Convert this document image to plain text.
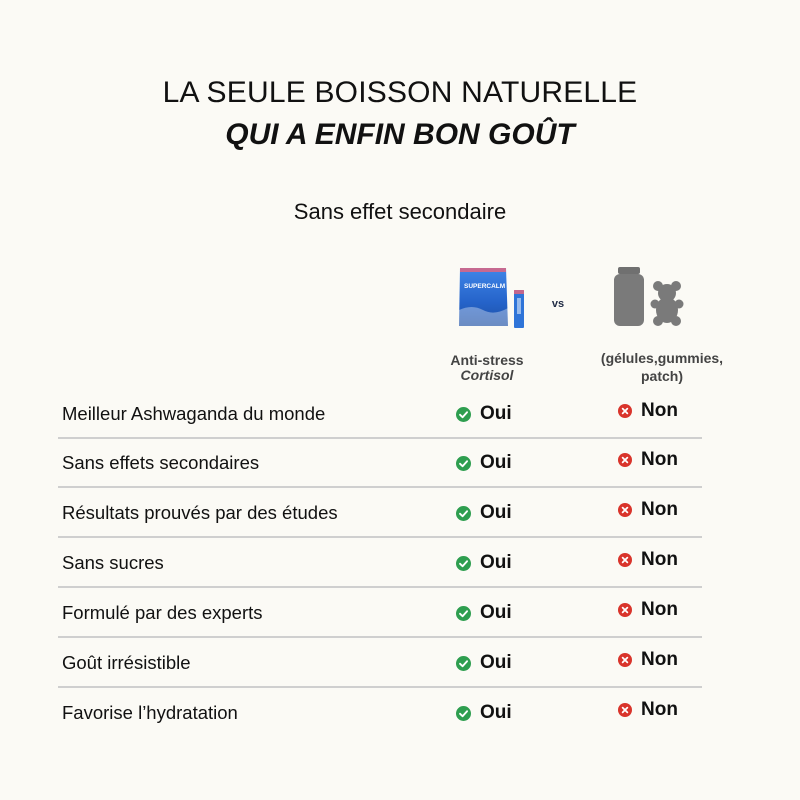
LA SEULE BOISSON NATURELLE
QUI A ENFIN BON GOÛT
Sans effet secondaire
SUPERCALM
vs
Anti-stress
Cortisol
(gélules,gummies,
patch)
Meilleur Ashwaganda du monde	Oui	Non
Sans effets secondaires	Oui	Non
Résultats prouvés par des études	Oui	Non
Sans sucres	Oui	Non
Formulé par des experts	Oui	Non
Goût irrésistible	Oui	Non
Favorise l’hydratation	Oui	Non
